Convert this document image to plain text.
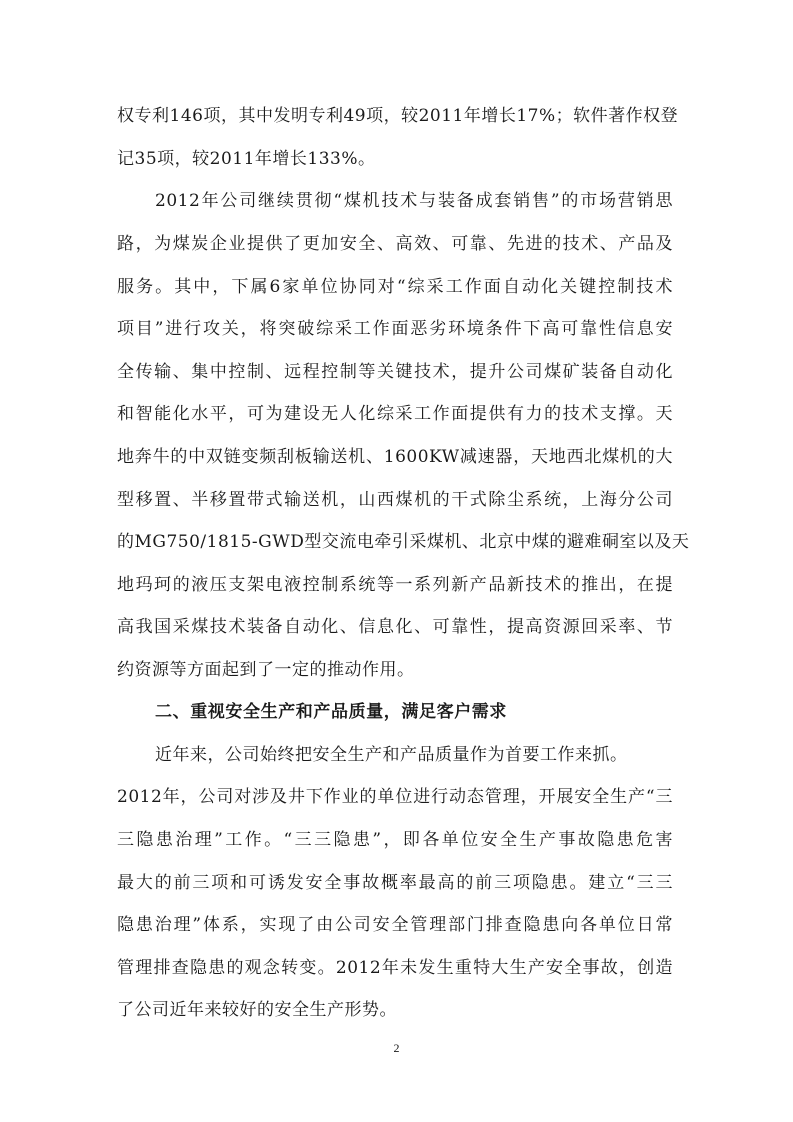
权专利146项，其中发明专利49项，较2011年增长17%；软件著作权登
记35项，较2011年增长133%。
2012年公司继续贯彻“煤机技术与装备成套销售”的市场营销思
路，为煤炭企业提供了更加安全、高效、可靠、先进的技术、产品及
服务。其中，下属6家单位协同对“综采工作面自动化关键控制技术
项目”进行攻关，将突破综采工作面恶劣环境条件下高可靠性信息安
全传输、集中控制、远程控制等关键技术，提升公司煤矿装备自动化
和智能化水平，可为建设无人化综采工作面提供有力的技术支撑。天
地奔牛的中双链变频刮板输送机、1600KW减速器，天地西北煤机的大
型移置、半移置带式输送机，山西煤机的干式除尘系统，上海分公司
的MG750/1815-GWD型交流电牵引采煤机、北京中煤的避难硐室以及天
地玛珂的液压支架电液控制系统等一系列新产品新技术的推出，在提
高我国采煤技术装备自动化、信息化、可靠性，提高资源回采率、节
约资源等方面起到了一定的推动作用。
二、重视安全生产和产品质量，满足客户需求
近年来，公司始终把安全生产和产品质量作为首要工作来抓。
2012年，公司对涉及井下作业的单位进行动态管理，开展安全生产“三
三隐患治理”工作。“三三隐患”，即各单位安全生产事故隐患危害
最大的前三项和可诱发安全事故概率最高的前三项隐患。建立“三三
隐患治理”体系，实现了由公司安全管理部门排查隐患向各单位日常
管理排查隐患的观念转变。2012年未发生重特大生产安全事故，创造
了公司近年来较好的安全生产形势。
2
